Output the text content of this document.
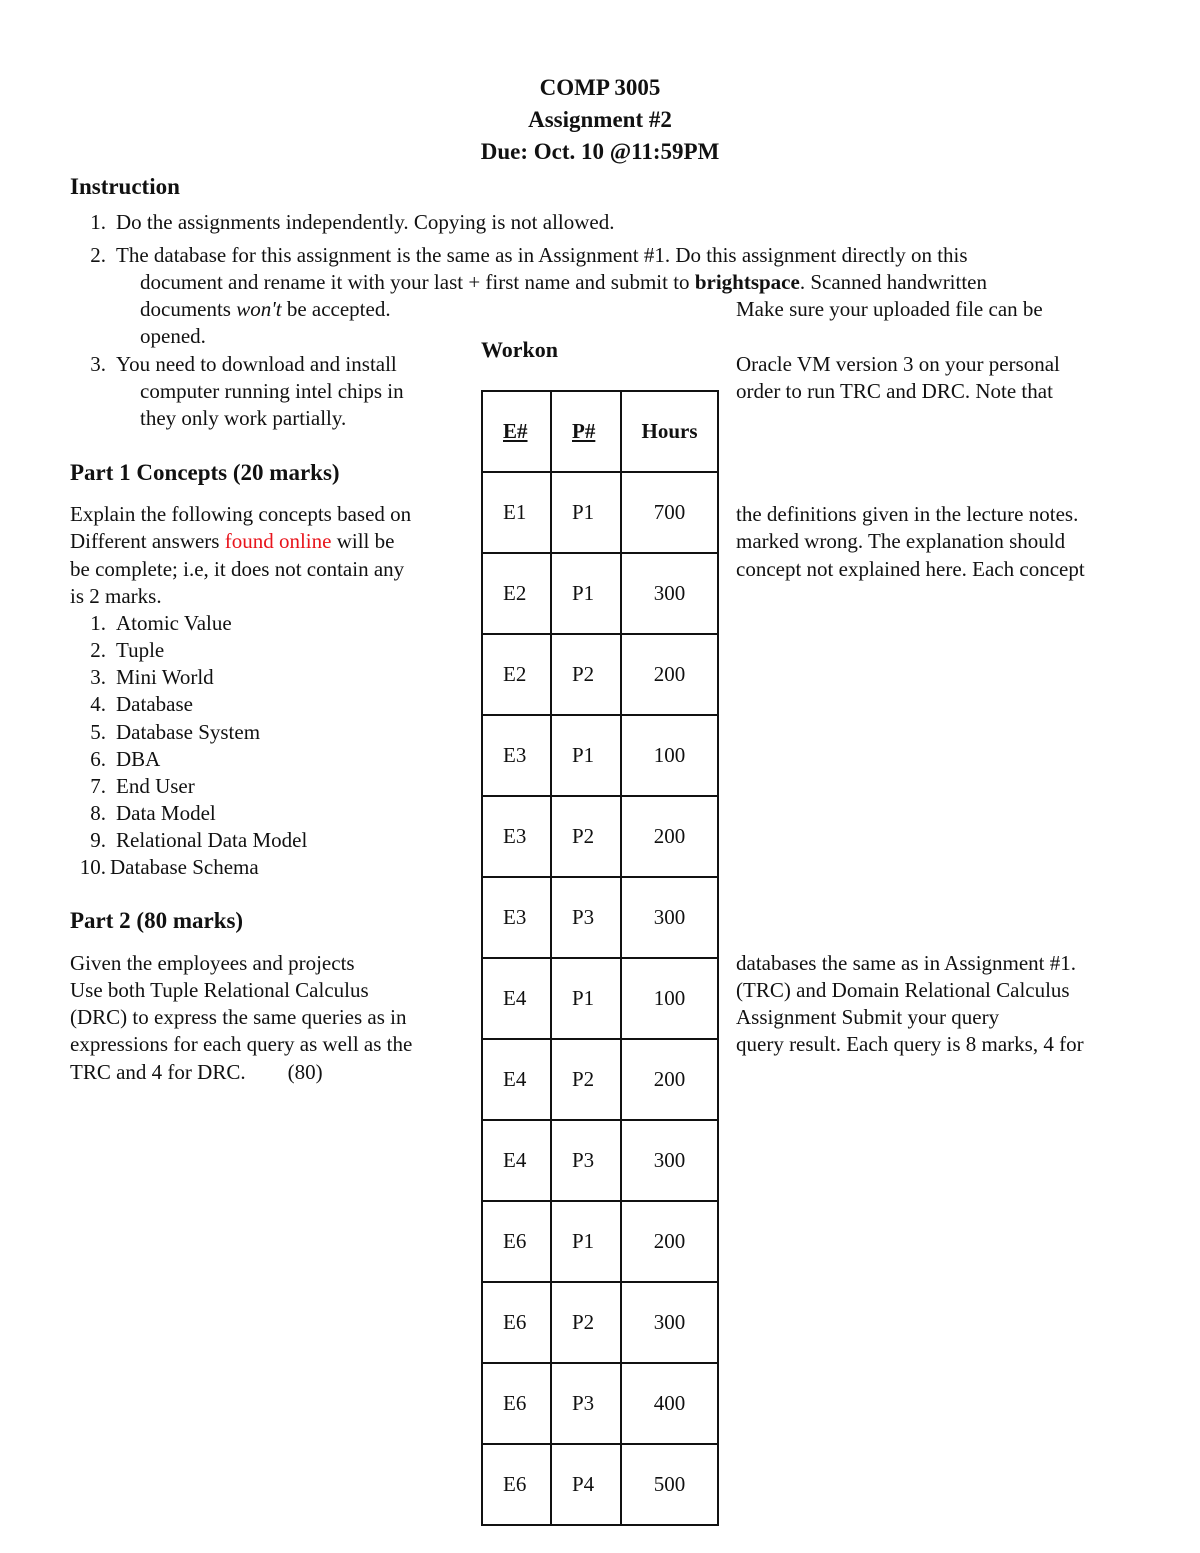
COMP 3005
Assignment #2
Due: Oct. 10 @11:59PM
Instruction
1. Do the assignments independently. Copying is not allowed.
2. The database for this assignment is the same as in Assignment #1. Do this assignment directly on this
document and rename it with your last + first name and submit to brightspace. Scanned handwritten
documents won't be accepted.	Make sure your uploaded file can be
opened.
3. You need to download and install	Oracle VM version 3 on your personal
computer running intel chips in	order to run TRC and DRC. Note that
they only work partially.
Workon
E#	P#	Hours
E1	P1	700
E2	P1	300
E2	P2	200
E3	P1	100
E3	P2	200
E3	P3	300
E4	P1	100
E4	P2	200
E4	P3	300
E6	P1	200
E6	P2	300
E6	P3	400
E6	P4	500
Part 1 Concepts (20 marks)
Explain the following concepts based on	the definitions given in the lecture notes.
Different answers found online will be	marked wrong. The explanation should
be complete; i.e, it does not contain any	concept not explained here. Each concept
is 2 marks.
1. Atomic Value
2. Tuple
3. Mini World
4. Database
5. Database System
6. DBA
7. End User
8. Data Model
9. Relational Data Model
10. Database Schema
Part 2 (80 marks)
Given the employees and projects
Use both Tuple Relational Calculus
(DRC) to express the same queries as in
expressions for each query as well as the
TRC and 4 for DRC.        (80)
databases the same as in Assignment #1.
(TRC) and Domain Relational Calculus
Assignment Submit your query
query result. Each query is 8 marks, 4 for
